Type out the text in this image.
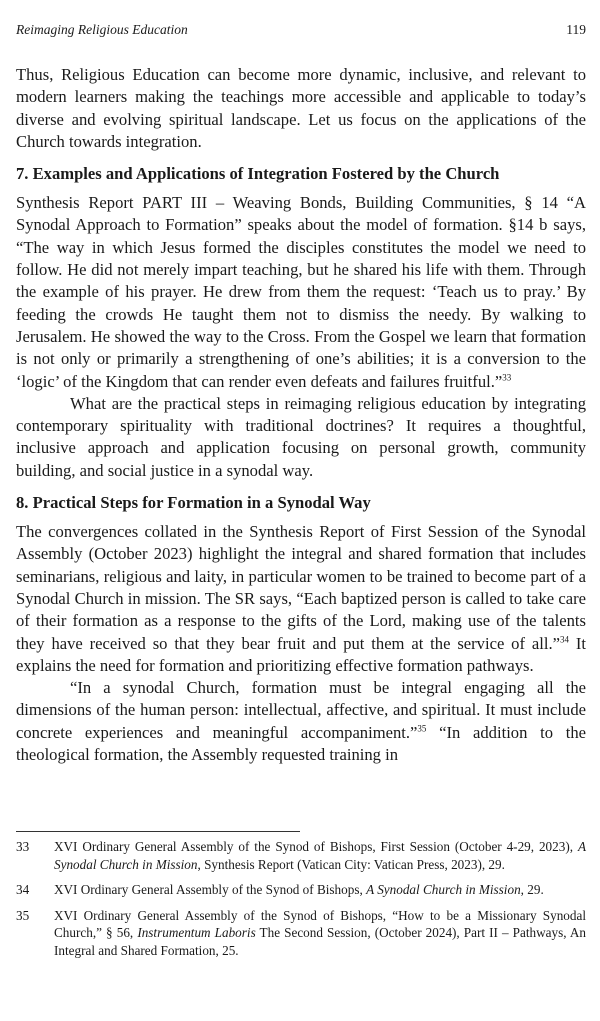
Reimaging Religious Education	119

Thus, Religious Education can become more dynamic, inclusive, and relevant to modern learners making the teachings more accessible and applicable to today’s diverse and evolving spiritual landscape. Let us focus on the applications of the Church towards integration.

7. Examples and Applications of Integration Fostered by the Church

Synthesis Report PART III – Weaving Bonds, Building Communities, § 14 “A Synodal Approach to Formation” speaks about the model of formation. §14 b says, “The way in which Jesus formed the disciples constitutes the model we need to follow. He did not merely impart teaching, but he shared his life with them. Through the example of his prayer. He drew from them the request: ‘Teach us to pray.’ By feeding the crowds He taught them not to dismiss the needy. By walking to Jerusalem. He showed the way to the Cross. From the Gospel we learn that formation is not only or primarily a strengthening of one’s abilities; it is a conversion to the ‘logic’ of the Kingdom that can render even defeats and failures fruitful.”$^{33}$

What are the practical steps in reimaging religious education by integrating contemporary spirituality with traditional doctrines? It requires a thoughtful, inclusive approach and application focusing on personal growth, community building, and social justice in a synodal way.

8. Practical Steps for Formation in a Synodal Way

The convergences collated in the Synthesis Report of First Session of the Synodal Assembly (October 2023) highlight the integral and shared formation that includes seminarians, religious and laity, in particular women to be trained to become part of a Synodal Church in mission. The SR says, “Each baptized person is called to take care of their formation as a response to the gifts of the Lord, making use of the talents they have received so that they bear fruit and put them at the service of all.”$^{34}$ It explains the need for formation and prioritizing effective formation pathways.

“In a synodal Church, formation must be integral engaging all the dimensions of the human person: intellectual, affective, and spiritual. It must include concrete experiences and meaningful accompaniment.”$^{35}$ “In addition to the theological formation, the Assembly requested training in

33 XVI Ordinary General Assembly of the Synod of Bishops, First Session (October 4-29, 2023), A Synodal Church in Mission, Synthesis Report (Vatican City: Vatican Press, 2023), 29.
34 XVI Ordinary General Assembly of the Synod of Bishops, A Synodal Church in Mission, 29.
35 XVI Ordinary General Assembly of the Synod of Bishops, “How to be a Missionary Synodal Church,” § 56, Instrumentum Laboris The Second Session, (October 2024), Part II – Pathways, An Integral and Shared Formation, 25.
